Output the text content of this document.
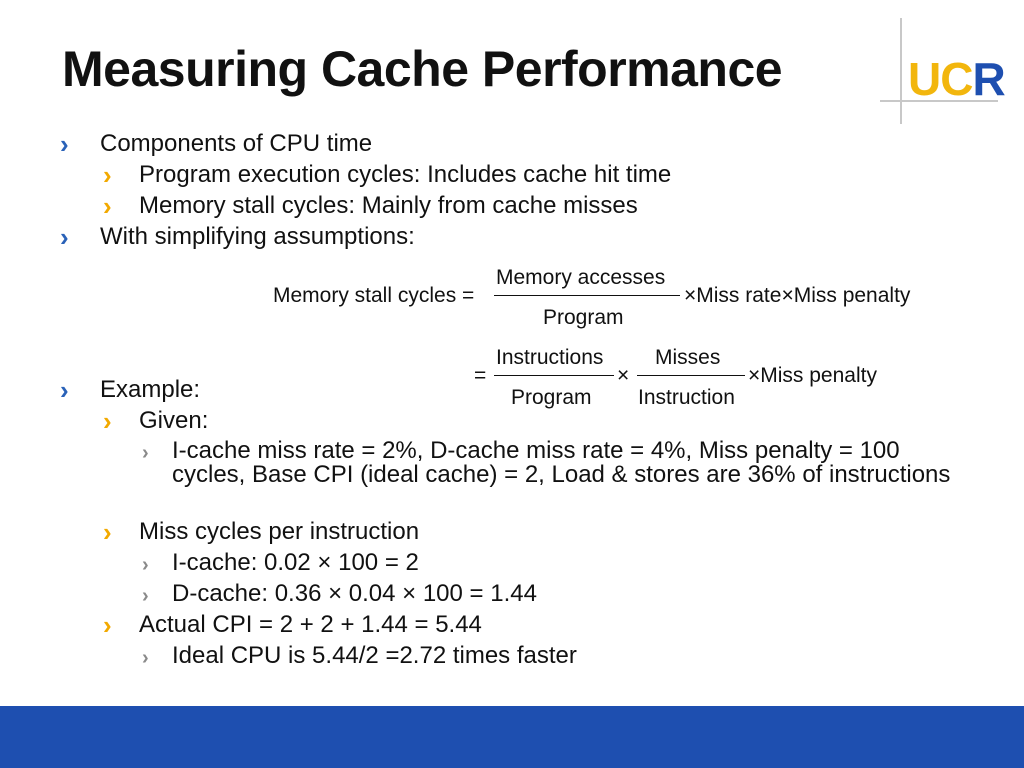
Measuring Cache Performance	UCR
› Components of CPU time
› Program execution cycles: Includes cache hit time
› Memory stall cycles: Mainly from cache misses
› With simplifying assumptions:
Memory stall cycles =
Memory accesses
Program
×Miss rate×Miss penalty
=
Instructions
Program
×
Misses
Instruction
×Miss penalty
› Example:
› Given:
› I-cache miss rate = 2%, D-cache miss rate = 4%, Miss penalty = 100 cycles, Base CPI (ideal cache) = 2, Load & stores are 36% of instructions
› Miss cycles per instruction
› I-cache: 0.02 × 100 = 2
› D-cache: 0.36 × 0.04 × 100 = 1.44
› Actual CPI = 2 + 2 + 1.44 = 5.44
› Ideal CPU is 5.44/2 =2.72 times faster
